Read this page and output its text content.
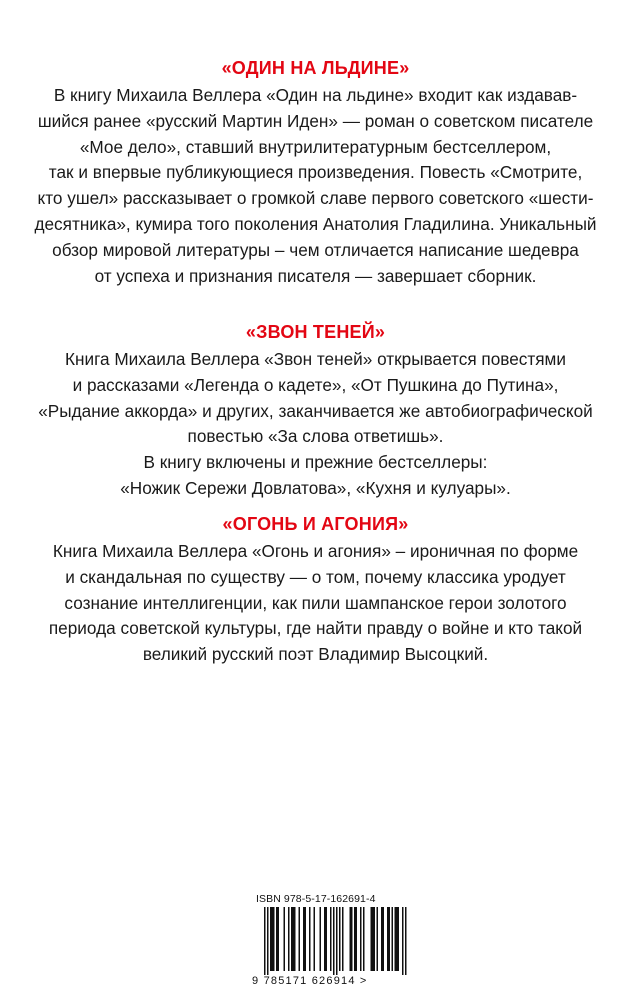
«ОДИН НА ЛЬДИНЕ»
В книгу Михаила Веллера «Один на льдине» входит как издавав-
шийся ранее «русский Мартин Иден» — роман о советском писателе
«Мое дело», ставший внутрилитературным бестселлером,
так и впервые публикующиеся произведения. Повесть «Смотрите,
кто ушел» рассказывает о громкой славе первого советского «шести-
десятника», кумира того поколения Анатолия Гладилина. Уникальный
обзор мировой литературы – чем отличается написание шедевра
от успеха и признания писателя — завершает сборник.
«ЗВОН ТЕНЕЙ»
Книга Михаила Веллера «Звон теней» открывается повестями
и рассказами «Легенда о кадете», «От Пушкина до Путина»,
«Рыдание аккорда» и других, заканчивается же автобиографической
повестью «За слова ответишь».
В книгу включены и прежние бестселлеры:
«Ножик Сережи Довлатова», «Кухня и кулуары».
«ОГОНЬ И АГОНИЯ»
Книга Михаила Веллера «Огонь и агония» – ироничная по форме
и скандальная по существу — о том, почему классика уродует
сознание интеллигенции, как пили шампанское герои золотого
периода советской культуры, где найти правду о войне и кто такой
великий русский поэт Владимир Высоцкий.
ISBN 978-5-17-162691-4
9 785171 626914 >
